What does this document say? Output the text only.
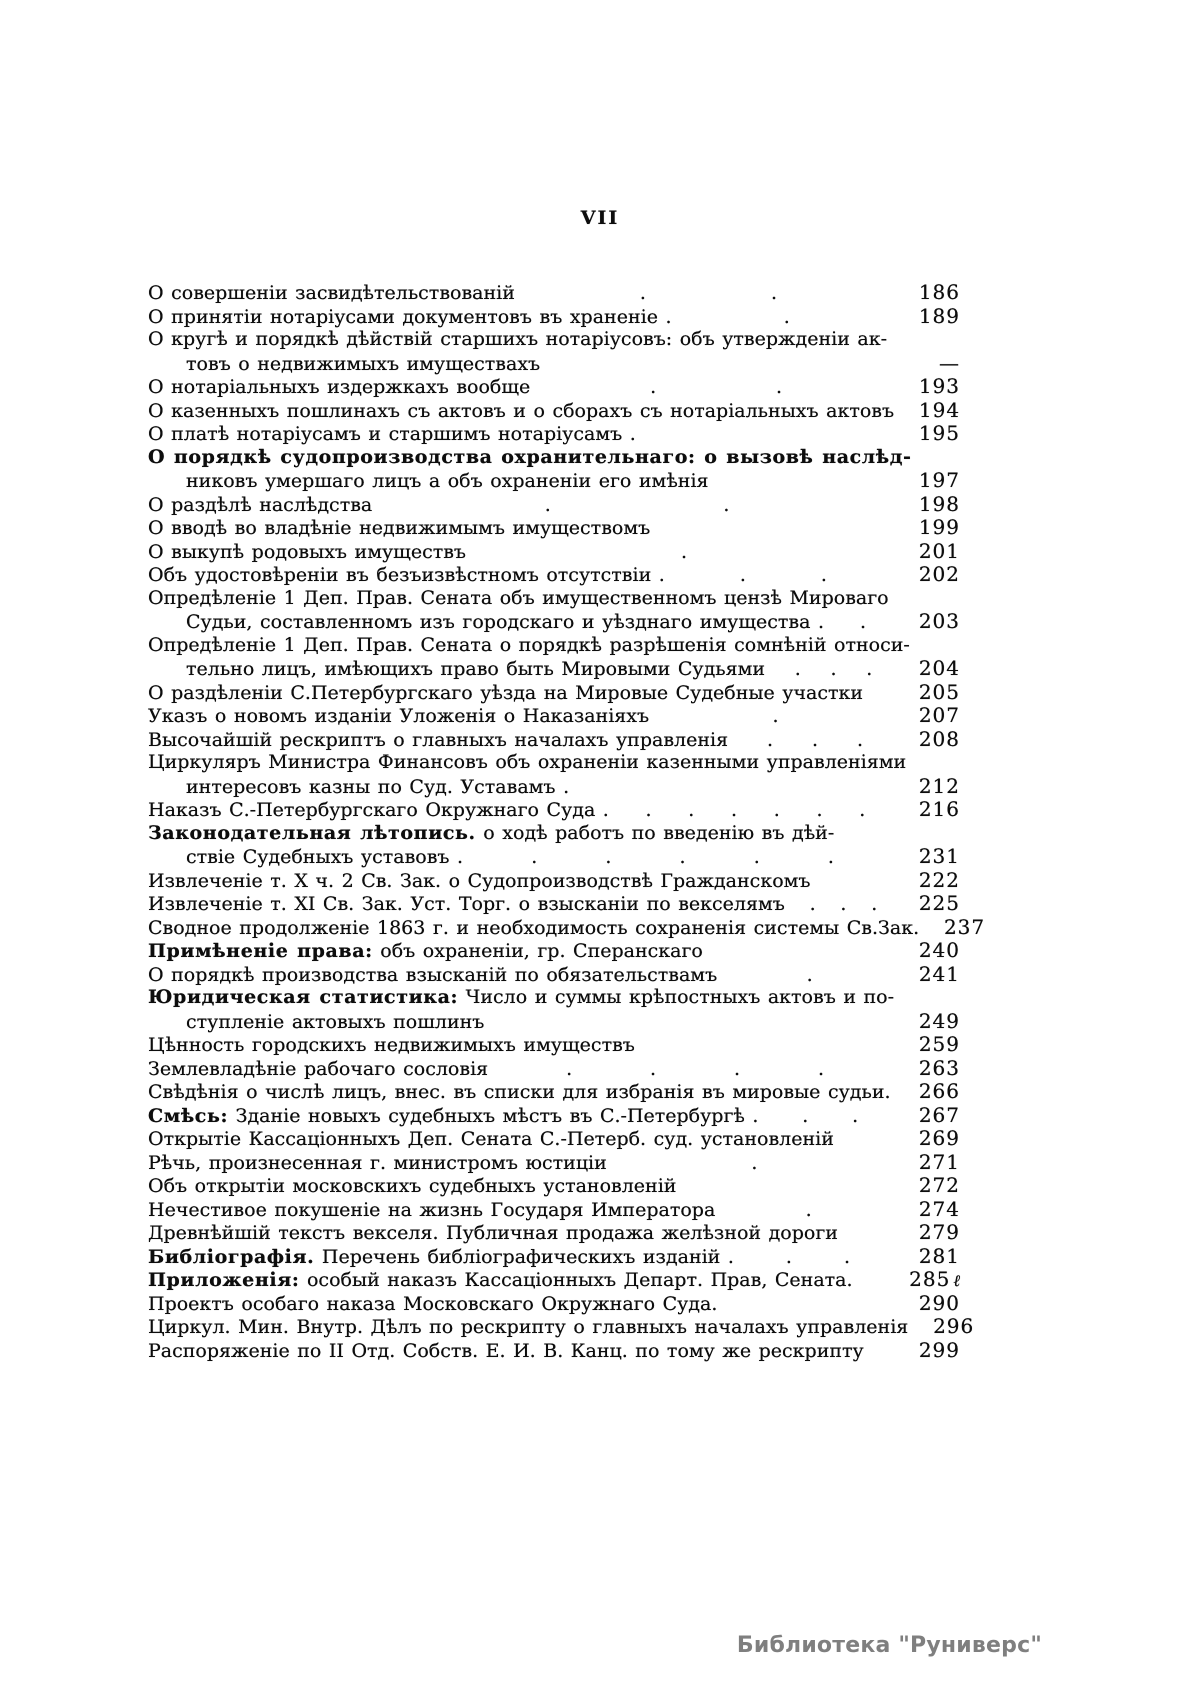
VII
О совершеніи засвидѣтельствованій	.	.	186
О принятіи нотаріусами документовъ въ храненіе .	.	189
О кругѣ и порядкѣ дѣйствій старшихъ нотаріусовъ: объ утвержденіи ак-
товъ о недвижимыхъ имуществахъ	—
О нотаріальныхъ издержкахъ вообще	.	.	193
О казенныхъ пошлинахъ съ актовъ и о сборахъ съ нотаріальныхъ актовъ	194
О платѣ нотаріусамъ и старшимъ нотаріусамъ .	195
О порядкѣ судопроизводства охранительнаго: о вызовѣ наслѣд-
никовъ умершаго лицъ а объ охраненіи его имѣнія	197
О раздѣлѣ наслѣдства	.	.	198
О вводѣ во владѣніе недвижимымъ имуществомъ	199
О выкупѣ родовыхъ имуществъ	.	201
Объ удостовѣреніи въ безъизвѣстномъ отсутствіи .	.	.	202
Опредѣленіе 1 Деп. Прав. Сената объ имущественномъ цензѣ Мироваго
Судьи, составленномъ изъ городскаго и уѣзднаго имущества . .	203
Опредѣленіе 1 Деп. Прав. Сената о порядкѣ разрѣшенія сомнѣній относи-
тельно лицъ, имѣющихъ право быть Мировыми Судьями . . .	204
О раздѣленіи С.Петербургскаго уѣзда на Мировые Судебные участки	205
Указъ о новомъ изданіи Уложенія о Наказаніяхъ	.	207
Высочайшій рескриптъ о главныхъ началахъ управленія . . .	208
Циркуляръ Министра Финансовъ объ охраненіи казенными управленіями
интересовъ казны по Суд. Уставамъ .	212
Наказъ С.-Петербургскаго Окружнаго Суда . . . . . . .	216
Законодательная лѣтопись. о ходѣ работъ по введенію въ дѣй-
ствіе Судебныхъ уставовъ .	.	.	.	.	.	231
Извлеченіе т. X ч. 2 Св. Зак. о Судопроизводствѣ Гражданскомъ	222
Извлеченіе т. XI Св. Зак. Уст. Торг. о взысканіи по векселямъ . . .	225
Сводное продолженіе 1863 г. и необходимость сохраненія системы Св.Зак.	237
Примѣненіе права: объ охраненіи, гр. Сперанскаго	240
О порядкѣ производства взысканій по обязательствамъ	.	241
Юридическая статистика: Число и суммы крѣпостныхъ актовъ и по-
ступленіе актовыхъ пошлинъ	249
Цѣнность городскихъ недвижимыхъ имуществъ	259
Землевладѣніе рабочаго сословія	.	.	.	.	263
Свѣдѣнія о числѣ лицъ, внес. въ списки для избранія въ мировые судьи.	266
Смѣсь: Зданіе новыхъ судебныхъ мѣстъ въ С.-Петербургѣ . . .	267
Открытіе Кассаціонныхъ Деп. Сената С.-Петерб. суд. установленій	269
Рѣчь, произнесенная г. министромъ юстиціи	.	271
Объ открытіи московскихъ судебныхъ установленій	272
Нечестивое покушеніе на жизнь Государя Императора	.	274
Древнѣйшій текстъ векселя. Публичная продажа желѣзной дороги	279
Библіографія. Перечень библіографическихъ изданій .	.	.	281
Приложенія: особый наказъ Кассаціонныхъ Департ. Прав, Сената.	285 ℓ
Проектъ особаго наказа Московскаго Окружнаго Суда.	290
Циркул. Мин. Внутр. Дѣлъ по рескрипту о главныхъ началахъ управленія	296
Распоряженіе по II Отд. Собств. Е. И. В. Канц. по тому же рескрипту	299
Библиотека "Руниверс"
